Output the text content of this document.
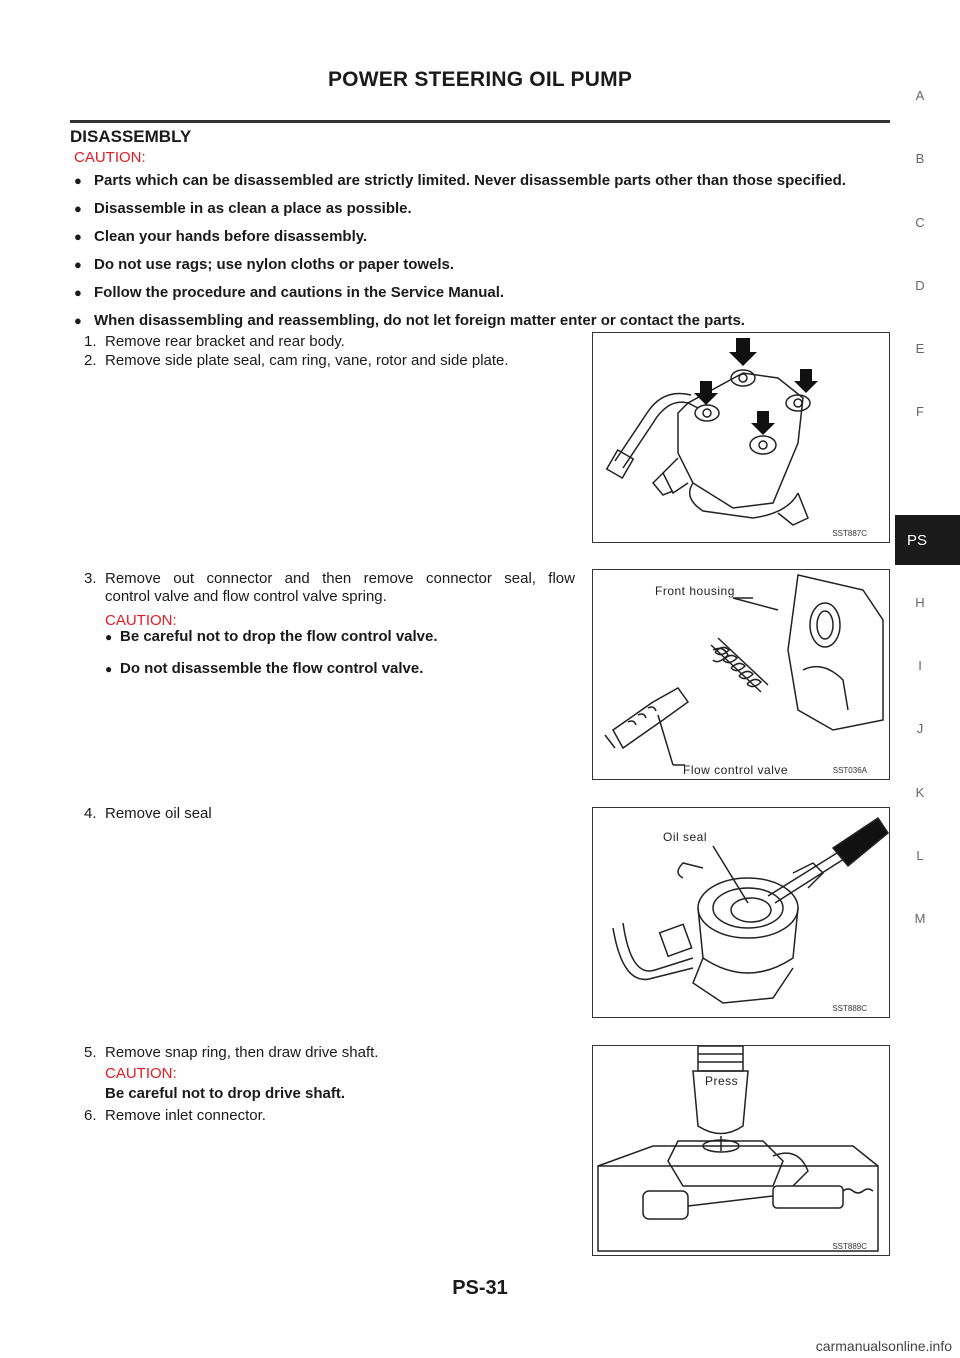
POWER STEERING OIL PUMP
DISASSEMBLY
CAUTION:
● Parts which can be disassembled are strictly limited. Never disassemble parts other than those specified.
● Disassemble in as clean a place as possible.
● Clean your hands before disassembly.
● Do not use rags; use nylon cloths or paper towels.
● Follow the procedure and cautions in the Service Manual.
● When disassembling and reassembling, do not let foreign matter enter or contact the parts.
1. Remove rear bracket and rear body.
2. Remove side plate seal, cam ring, vane, rotor and side plate.
3. Remove out connector and then remove connector seal, flow
control valve and flow control valve spring.
CAUTION:
● Be careful not to drop the flow control valve.
● Do not disassemble the flow control valve.
4. Remove oil seal
5. Remove snap ring, then draw drive shaft.
CAUTION:
Be careful not to drop drive shaft.
6. Remove inlet connector.
SST887C
Front housing
Flow control valve	SST036A
Oil seal
SST888C
Press
SST889C
A
B
C
D
E
F
H
I
J
K
L
M
PS
PS-31
carmanualsonline.info
